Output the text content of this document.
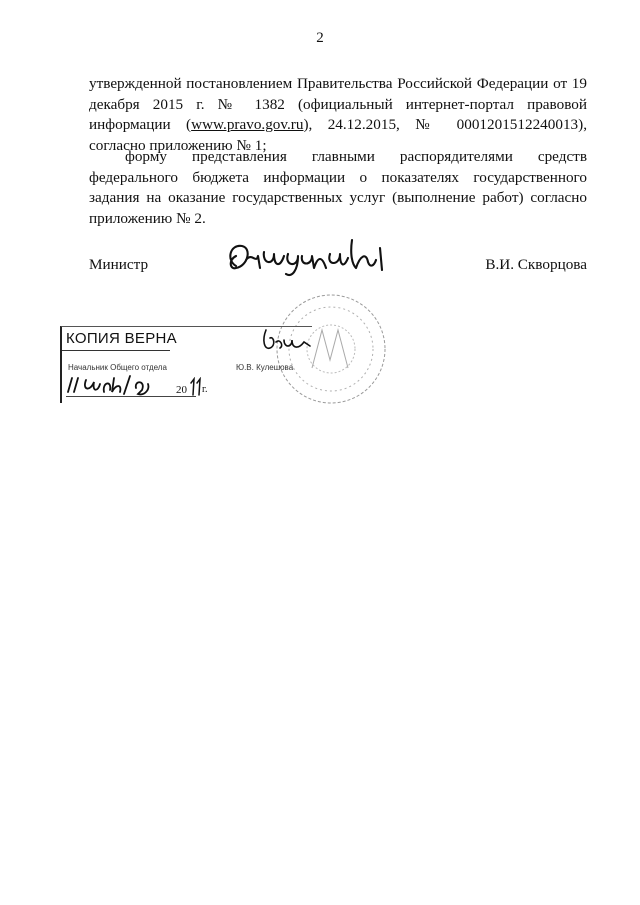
2

утвержденной постановлением Правительства Российской Федерации от 19 декабря 2015 г. № 1382 (официальный интернет-портал правовой информации (www.pravo.gov.ru), 24.12.2015, № 0001201512240013), согласно приложению № 1;

форму представления главными распорядителями средств федерального бюджета информации о показателях государственного задания на оказание государственных услуг (выполнение работ) согласно приложению № 2.

Министр	В.И. Скворцова
КОПИЯ ВЕРНА
Начальник Общего отдела	Ю.В. Кулешова
20 г.
